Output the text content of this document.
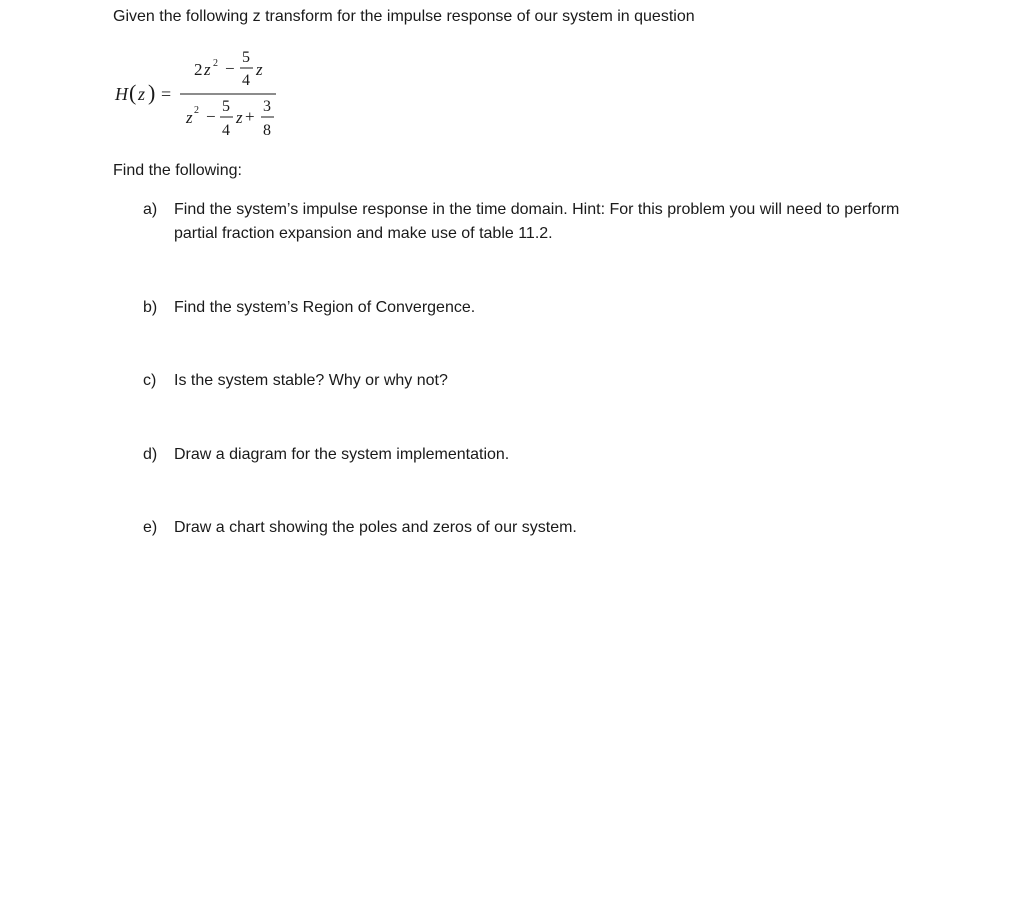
Given the following z transform for the impulse response of our system in question
H ( z ) =
2 z 2 −
5
4
z
z 2 −
5
4
z +
3
8
Find the following:
a) Find the system’s impulse response in the time domain. Hint: For this problem you will need to perform partial fraction expansion and make use of table 11.2.
b) Find the system’s Region of Convergence.
c) Is the system stable? Why or why not?
d) Draw a diagram for the system implementation.
e) Draw a chart showing the poles and zeros of our system.
